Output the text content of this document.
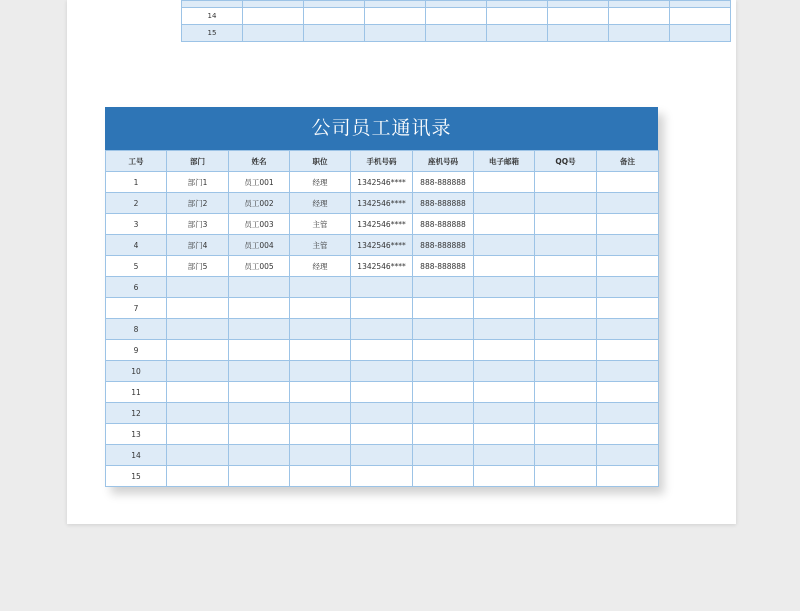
14								
15								
公司员工通讯录
工号	部门	姓名	职位	手机号码	座机号码	电子邮箱	QQ号	备注
1	部门1	员工001	经理	1342546****	888-888888			
2	部门2	员工002	经理	1342546****	888-888888			
3	部门3	员工003	主管	1342546****	888-888888			
4	部门4	员工004	主管	1342546****	888-888888			
5	部门5	员工005	经理	1342546****	888-888888			
6								
7								
8								
9								
10								
11								
12								
13								
14								
15								
